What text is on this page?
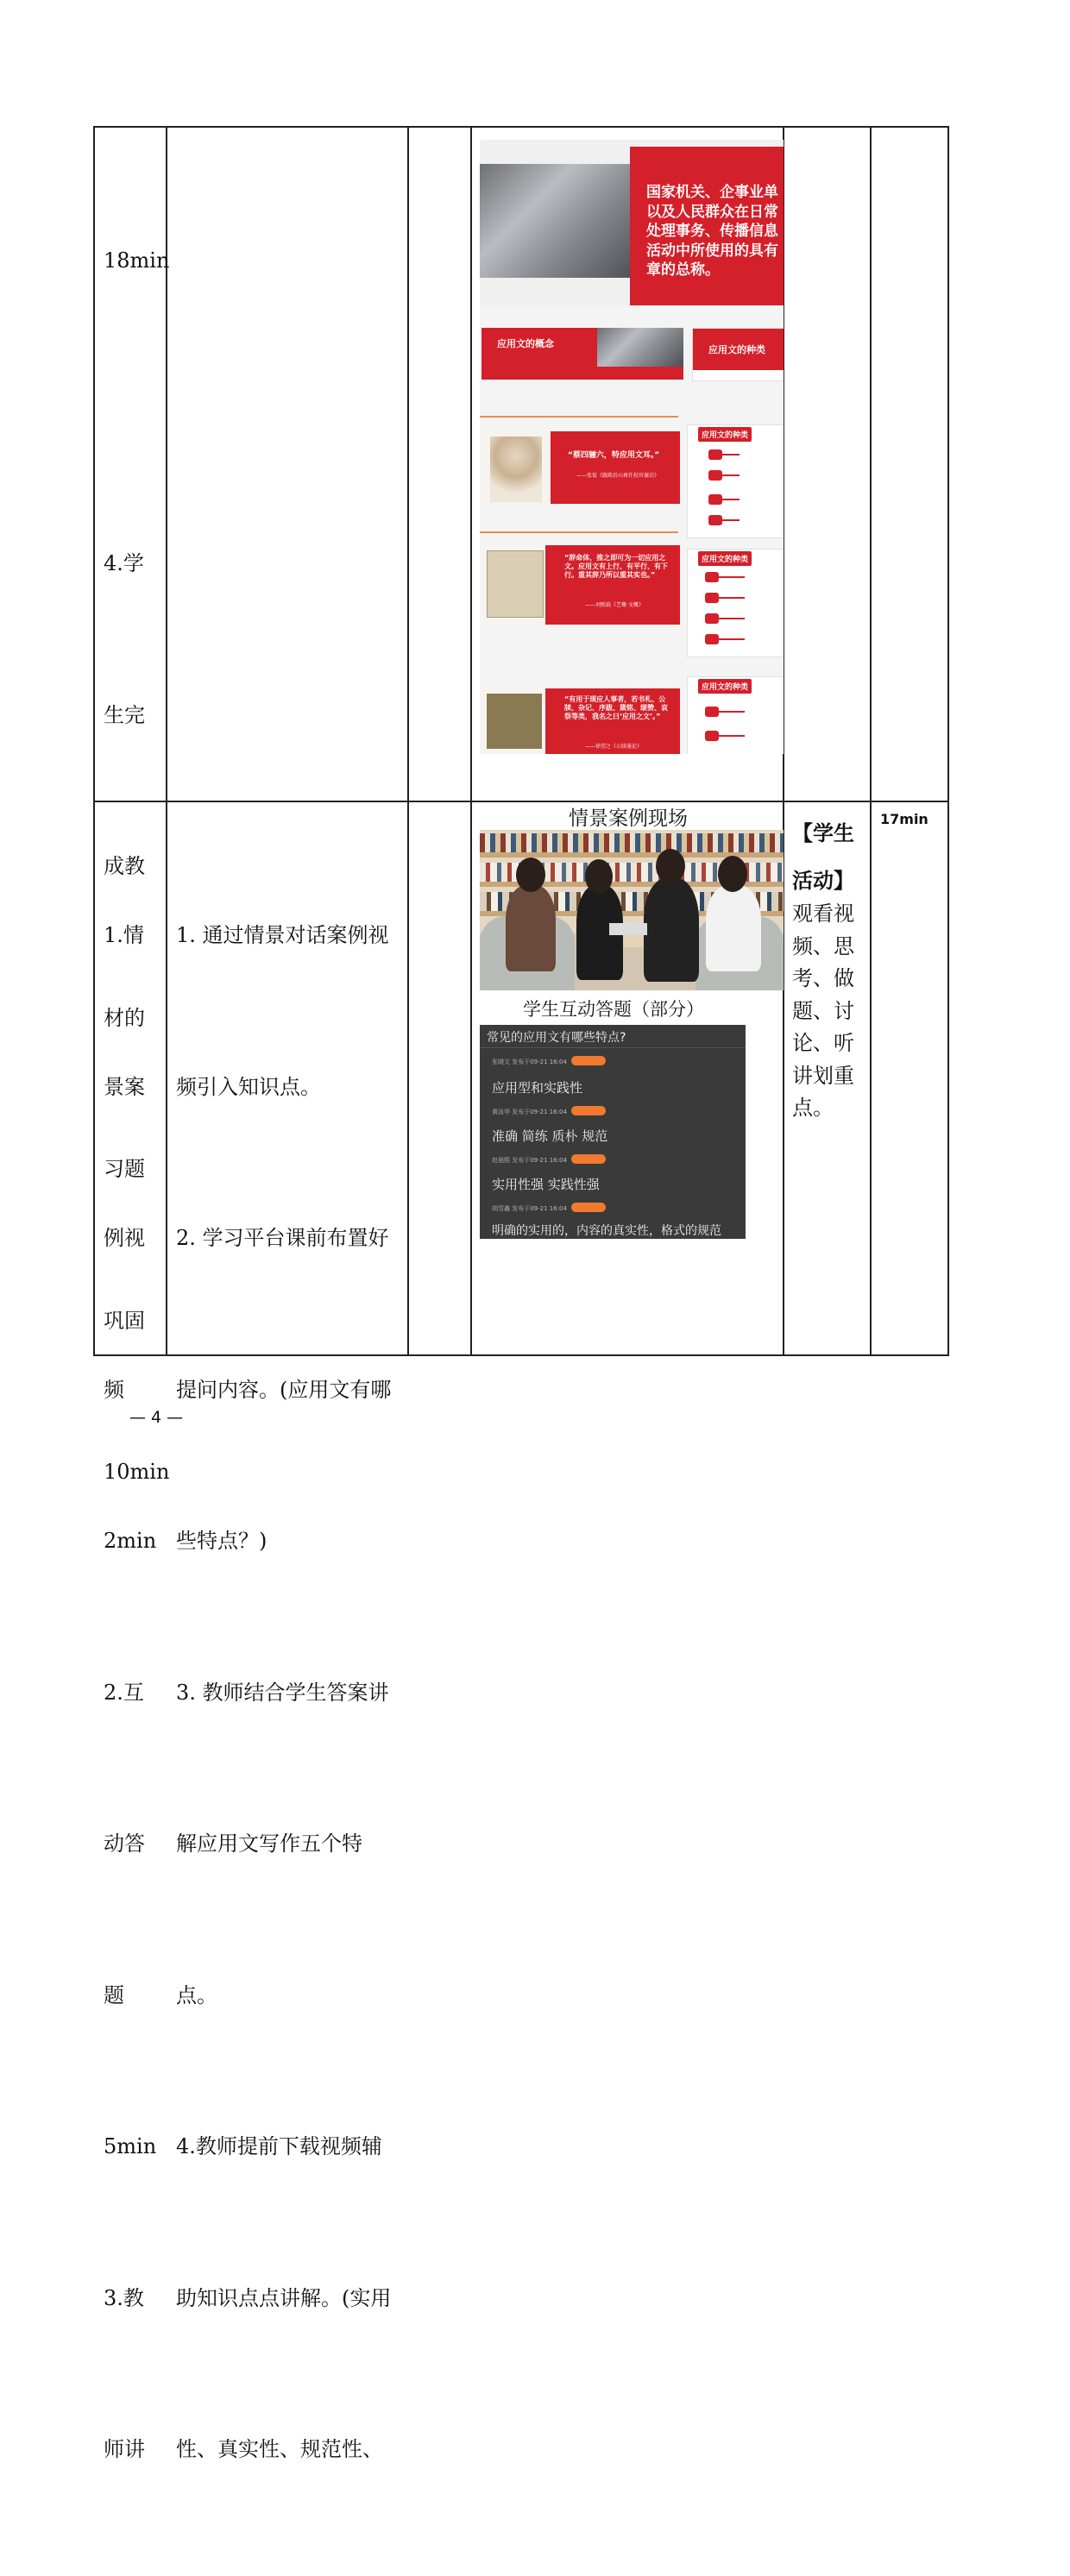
18min

4.学

生完

成教

材的

习题

巩固

10min

国家机关、企事业单
以及人民群众在日常
处理事务、传播信息
活动中所使用的具有
章的总称。
应用文的概念
应用文的种类
“蔡四骊六，特应用文耳。”
——张侃《跋陈后山再任校官谢启》
应用文的种类
“辞命体，推之即可为一切应用之文。应用文有上行、有平行、有下行。重其辞乃所以重其实也。”
——刘熙载《艺概·文概》
应用文的种类
“有用于现应人事者，若书札、公牍、杂记、序跋、箴铭、颂赞、哀祭等类，我名之曰‘应用之文’。”
——徐望之《公牍通论》
应用文的种类

1.情

景案

例视

频

2min

2.互

动答

题

5min

3.教

师讲

1. 通过情景对话案例视

频引入知识点。

2. 学习平台课前布置好

提问内容。(应用文有哪

些特点？)

3. 教师结合学生答案讲

解应用文写作五个特

点。

4.教师提前下载视频辅

助知识点点讲解。(实用

性、真实性、规范性、

情景案例现场
学生互动答题（部分）
常见的应用文有哪些特点?
张晓文 发布于09-21 16:04
应用型和实践性
黄泳华 发布于09-21 16:04
准确 简练 质朴 规范
赵晨熙 发布于09-21 16:04
实用性强 实践性强
胡雪鑫 发布于09-21 16:04
明确的实用的，内容的真实性，格式的规范
【学生
活动】
观看视
频、思
考、做
题、讨
论、听
讲划重
点。
17min
— 4 —
